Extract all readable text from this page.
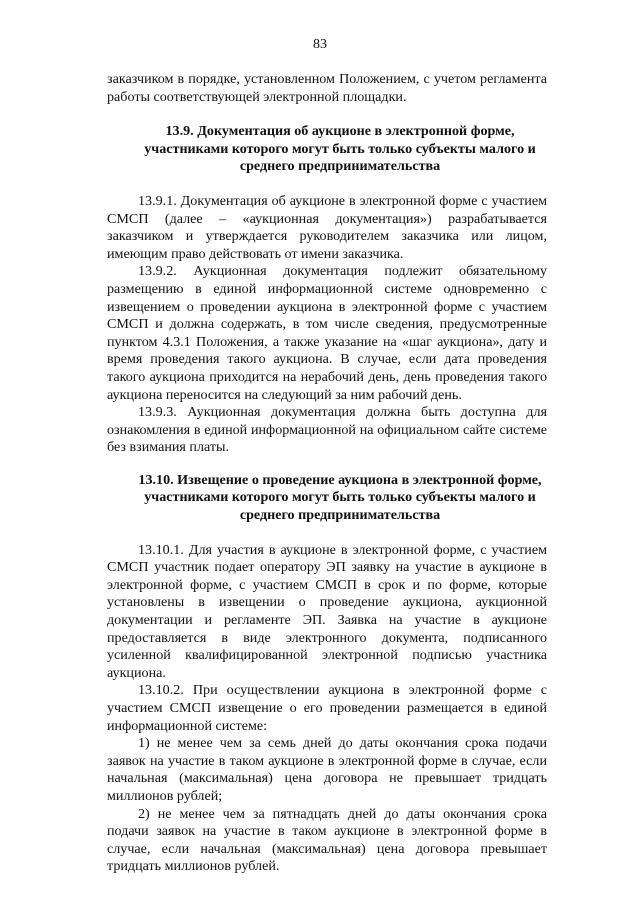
83

заказчиком в порядке, установленном Положением, с учетом регламента работы соответствующей электронной площадки.

13.9. Документация об аукционе в электронной форме, участниками которого могут быть только субъекты малого и среднего предпринимательства

13.9.1. Документация об аукционе в электронной форме с участием СМСП (далее – «аукционная документация») разрабатывается заказчиком и утверждается руководителем заказчика или лицом, имеющим право действовать от имени заказчика.

13.9.2. Аукционная документация подлежит обязательному размещению в единой информационной системе одновременно с извещением о проведении аукциона в электронной форме с участием СМСП и должна содержать, в том числе сведения, предусмотренные пунктом 4.3.1 Положения, а также указание на «шаг аукциона», дату и время проведения такого аукциона. В случае, если дата проведения такого аукциона приходится на нерабочий день, день проведения такого аукциона переносится на следующий за ним рабочий день.

13.9.3. Аукционная документация должна быть доступна для ознакомления в единой информационной на официальном сайте системе без взимания платы.

13.10. Извещение о проведение аукциона в электронной форме, участниками которого могут быть только субъекты малого и среднего предпринимательства

13.10.1. Для участия в аукционе в электронной форме, с участием СМСП участник подает оператору ЭП заявку на участие в аукционе в электронной форме, с участием СМСП в срок и по форме, которые установлены в извещении о проведение аукциона, аукционной документации и регламенте ЭП. Заявка на участие в аукционе предоставляется в виде электронного документа, подписанного усиленной квалифицированной электронной подписью участника аукциона.

13.10.2. При осуществлении аукциона в электронной форме с участием СМСП извещение о его проведении размещается в единой информационной системе:

1) не менее чем за семь дней до даты окончания срока подачи заявок на участие в таком аукционе в электронной форме в случае, если начальная (максимальная) цена договора не превышает тридцать миллионов рублей;

2) не менее чем за пятнадцать дней до даты окончания срока подачи заявок на участие в таком аукционе в электронной форме в случае, если начальная (максимальная) цена договора превышает тридцать миллионов рублей.
